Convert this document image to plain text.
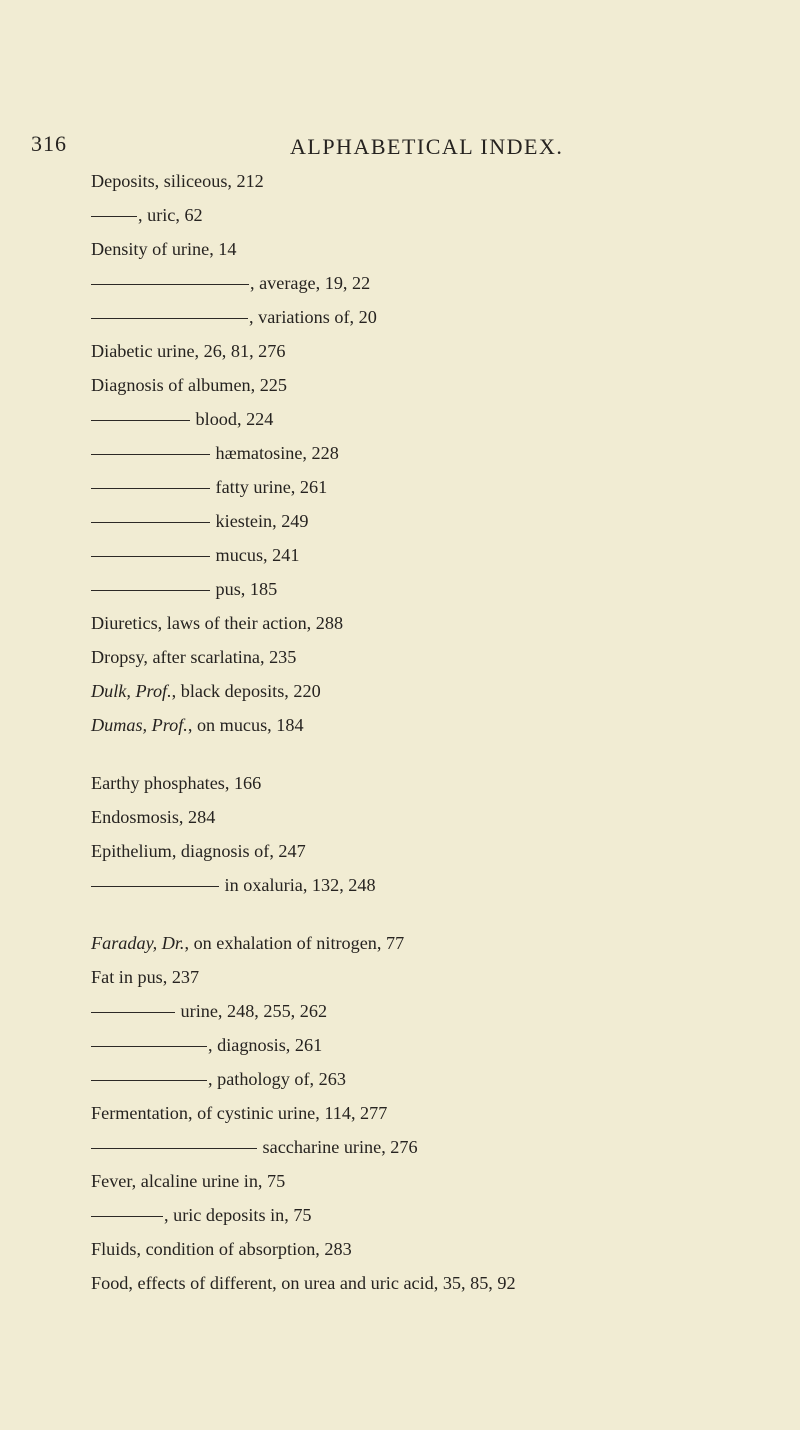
316	ALPHABETICAL INDEX.
Deposits, siliceous, 212
, uric, 62
Density of urine, 14
, average, 19, 22
, variations of, 20
Diabetic urine, 26, 81, 276
Diagnosis of albumen, 225
blood, 224
hæmatosine, 228
fatty urine, 261
kiestein, 249
mucus, 241
pus, 185
Diuretics, laws of their action, 288
Dropsy, after scarlatina, 235
Dulk, Prof., black deposits, 220
Dumas, Prof., on mucus, 184
Earthy phosphates, 166
Endosmosis, 284
Epithelium, diagnosis of, 247
in oxaluria, 132, 248
Faraday, Dr., on exhalation of nitrogen, 77
Fat in pus, 237
urine, 248, 255, 262
, diagnosis, 261
, pathology of, 263
Fermentation, of cystinic urine, 114, 277
saccharine urine, 276
Fever, alcaline urine in, 75
, uric deposits in, 75
Fluids, condition of absorption, 283
Food, effects of different, on urea and uric acid, 35, 85, 92
